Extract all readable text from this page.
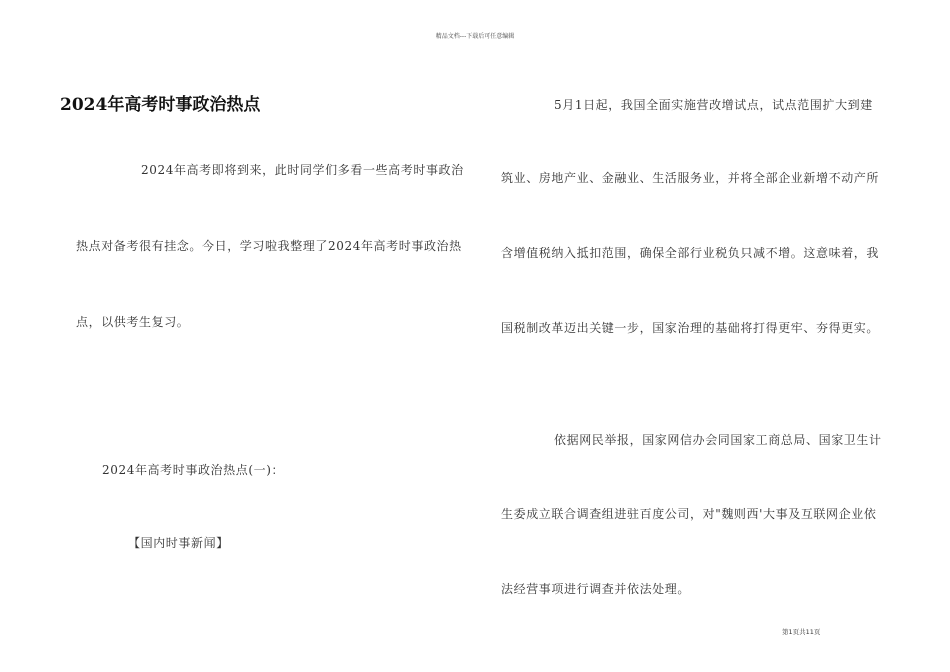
精品文档---下载后可任意编辑
2024年高考时事政治热点
2024年高考即将到来，此时同学们多看一些高考时事政治
热点对备考很有挂念。今日，学习啦我整理了2024年高考时事政治热
点，以供考生复习。
2024年高考时事政治热点(一)：
【国内时事新闻】
5月1日起，我国全面实施营改增试点，试点范围扩大到建
筑业、房地产业、金融业、生活服务业，并将全部企业新增不动产所
含增值税纳入抵扣范围，确保全部行业税负只减不增。这意味着，我
国税制改革迈出关键一步，国家治理的基础将打得更牢、夯得更实。
依据网民举报，国家网信办会同国家工商总局、国家卫生计
生委成立联合调查组进驻百度公司，对"魏则西'大事及互联网企业依
法经营事项进行调查并依法处理。
第1页共11页
